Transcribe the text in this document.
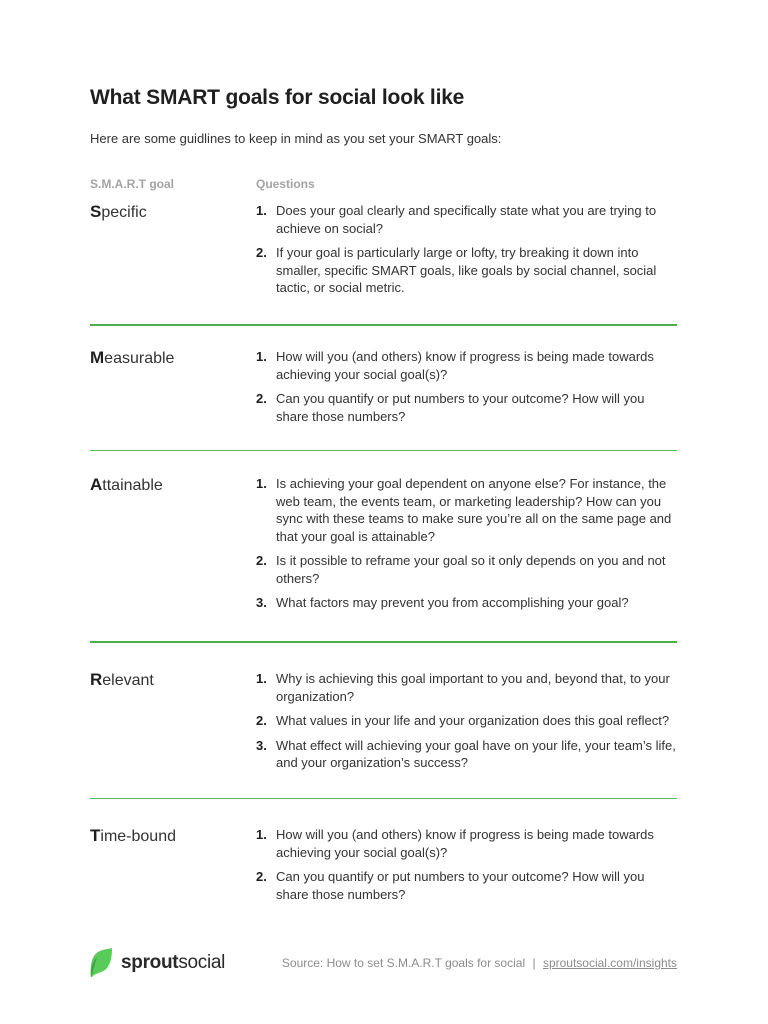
What SMART goals for social look like

Here are some guidlines to keep in mind as you set your SMART goals:

S.M.A.R.T goal	Questions
Specific	1. Does your goal clearly and specifically state what you are trying to achieve on social?
2. If your goal is particularly large or lofty, try breaking it down into smaller, specific SMART goals, like goals by social channel, social tactic, or social metric.
Measurable	1. How will you (and others) know if progress is being made towards achieving your social goal(s)?
2. Can you quantify or put numbers to your outcome? How will you share those numbers?
Attainable	1. Is achieving your goal dependent on anyone else? For instance, the web team, the events team, or marketing leadership? How can you sync with these teams to make sure you’re all on the same page and that your goal is attainable?
2. Is it possible to reframe your goal so it only depends on you and not others?
3. What factors may prevent you from accomplishing your goal?
Relevant	1. Why is achieving this goal important to you and, beyond that, to your organization?
2. What values in your life and your organization does this goal reflect?
3. What effect will achieving your goal have on your life, your team’s life, and your organization’s success?
Time-bound	1. How will you (and others) know if progress is being made towards achieving your social goal(s)?
2. Can you quantify or put numbers to your outcome? How will you share those numbers?
sproutsocial	Source: How to set S.M.A.R.T goals for social | sproutsocial.com/insights
